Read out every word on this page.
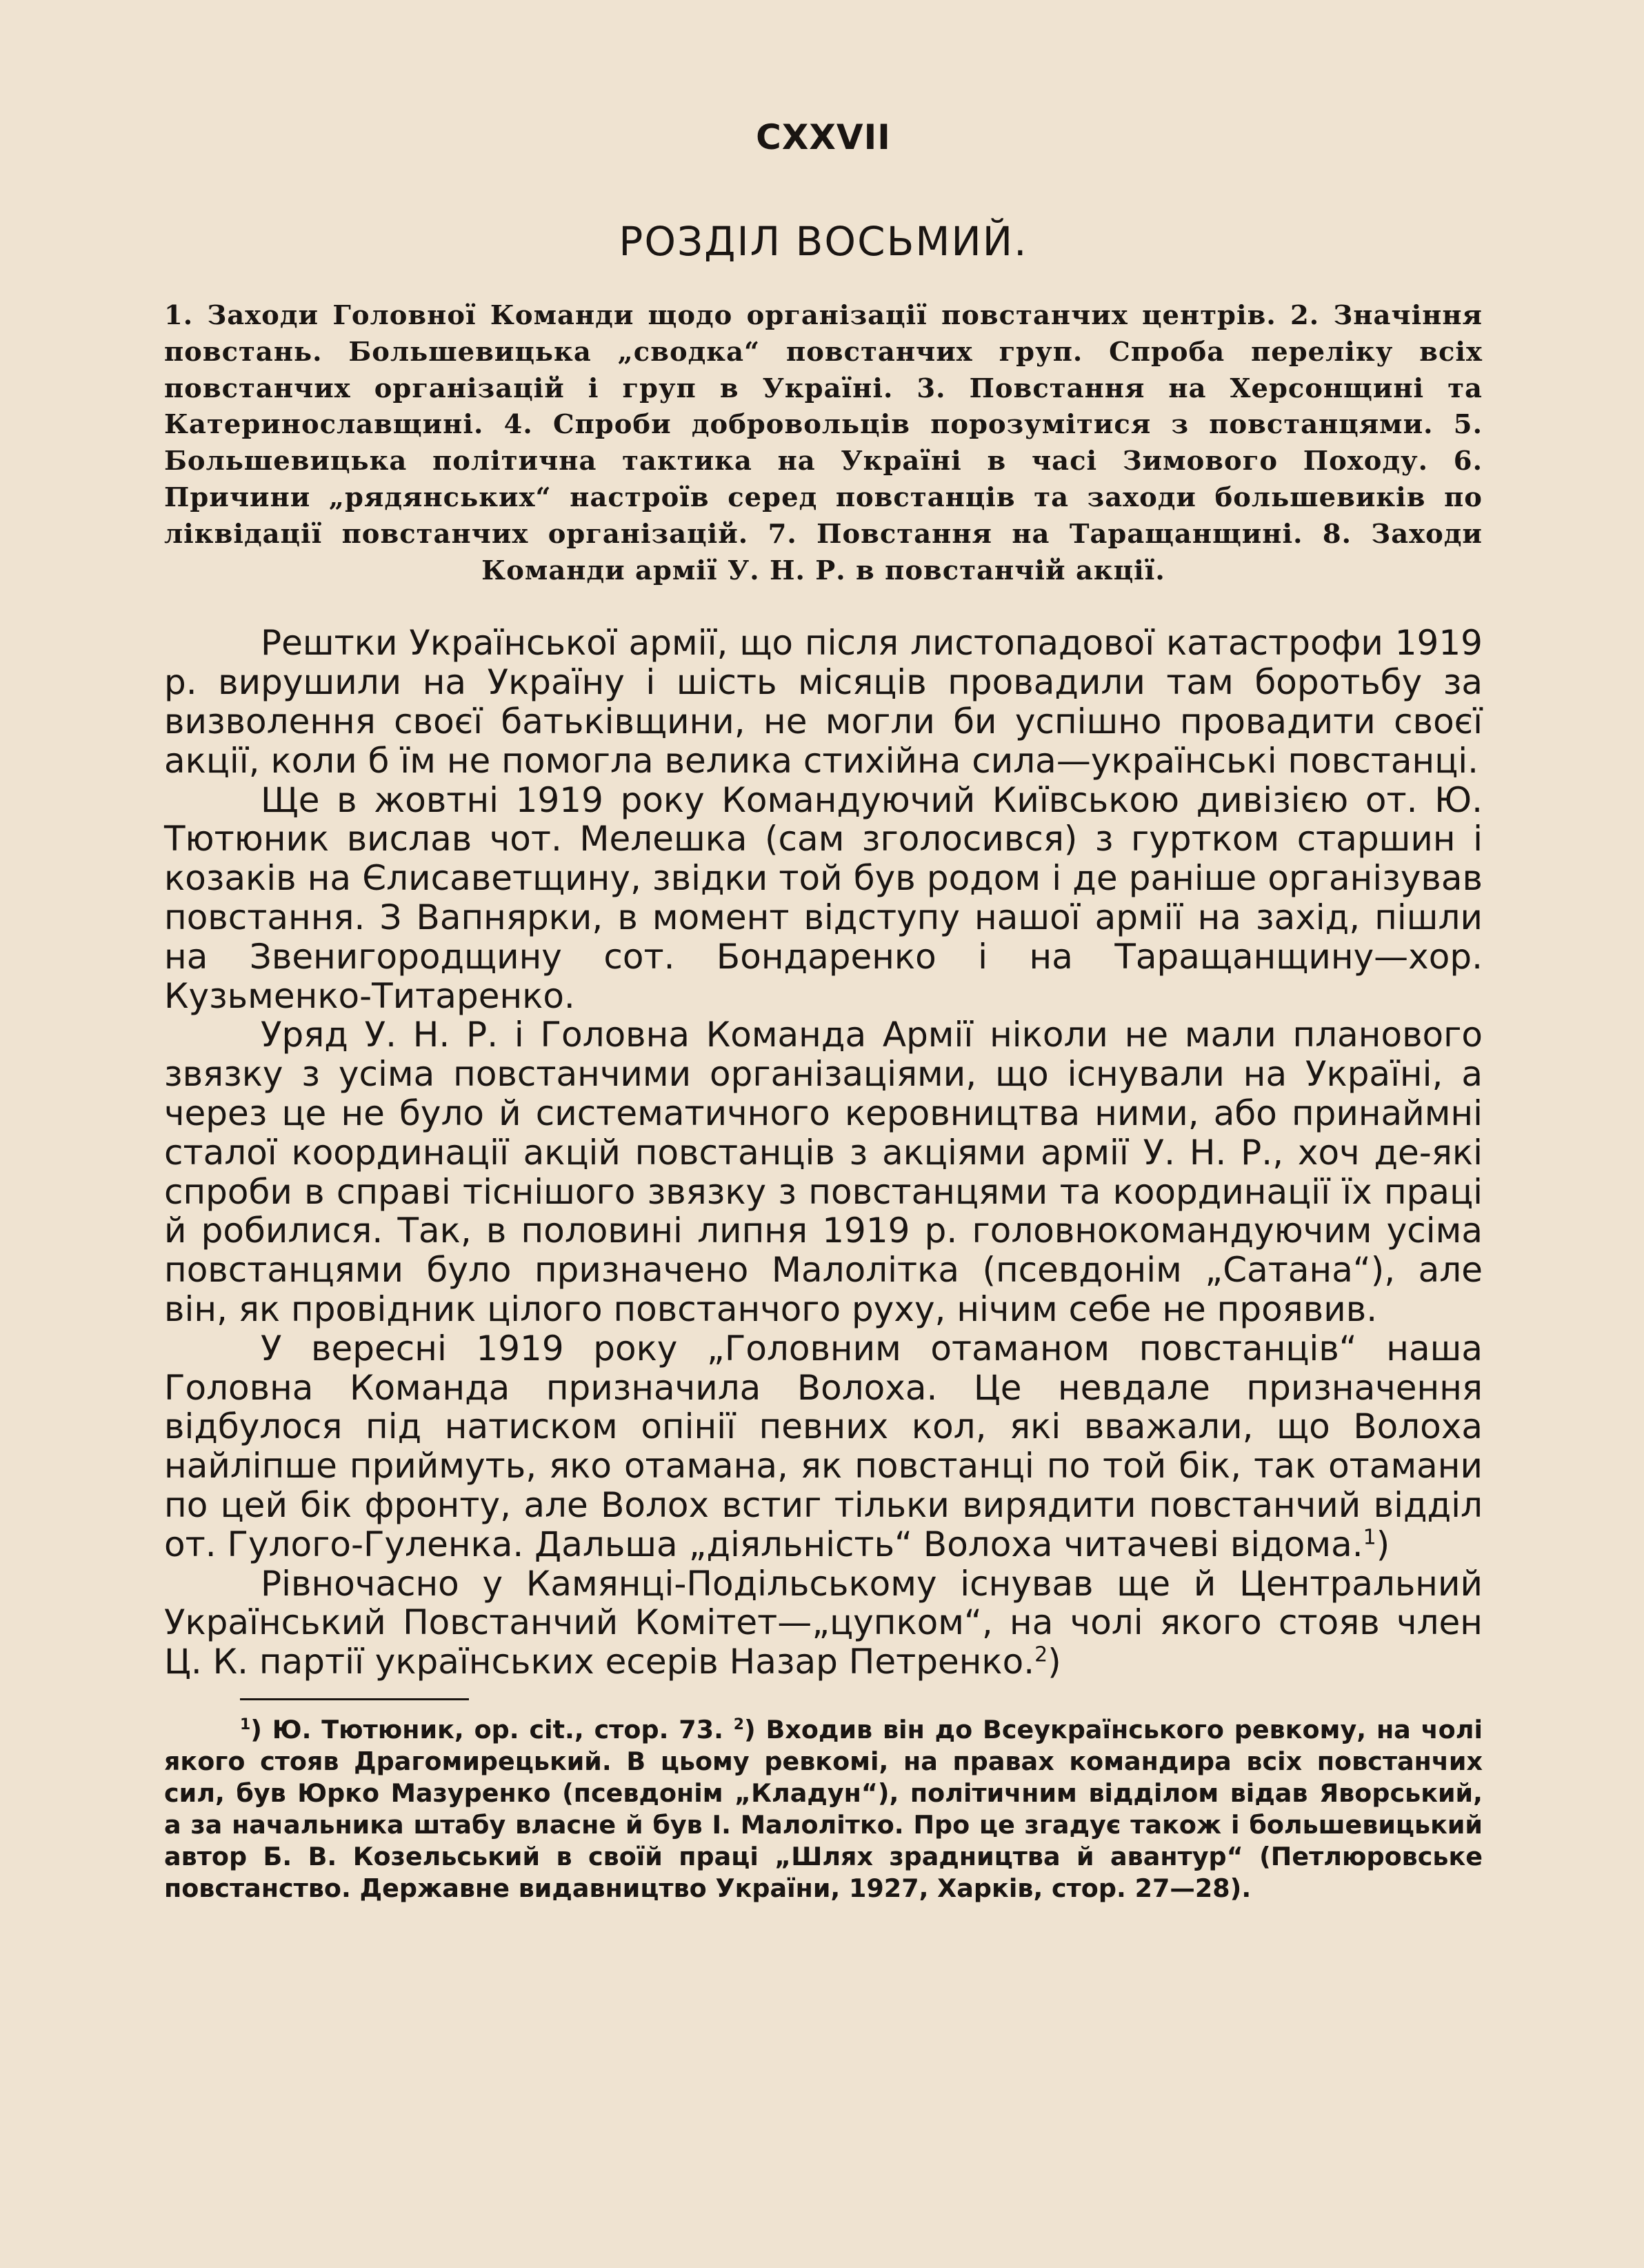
CXXVII
РОЗДІЛ ВОСЬМИЙ.
1. Заходи Головної Команди щодо організації повстанчих центрів. 2. Значіння повстань. Большевицька „сводка“ повстанчих груп. Спроба переліку всіх повстанчих організацій і груп в Україні. 3. Повстання на Херсонщині та Катеринославщині. 4. Спроби добровольців порозумітися з повстанцями. 5. Большевицька політична тактика на Україні в часі Зимового Походу. 6. Причини „рядянських“ настроїв серед повстанців та заходи большевиків по ліквідації повстанчих організацій. 7. Повстання на Таращанщині. 8. Заходи Команди армії У. Н. Р. в повстанчій акції.

Рештки Української армії, що після листопадової катастрофи 1919 р. вирушили на Україну і шість місяців провадили там боротьбу за визволення своєї батьківщини, не могли би успішно провадити своєї акції, коли б їм не помогла велика стихійна сила—українські повстанці.

Ще в жовтні 1919 року Командуючий Київською дивізією от. Ю. Тютюник вислав чот. Мелешка (сам зголосився) з гуртком старшин і козаків на Єлисаветщину, звідки той був родом і де раніше організував повстання. З Вапнярки, в момент відступу нашої армії на захід, пішли на Звенигородщину сот. Бондаренко і на Таращанщину—хор. Кузьменко-Титаренко.

Уряд У. Н. Р. і Головна Команда Армії ніколи не мали планового звязку з усіма повстанчими організаціями, що існували на Україні, а через це не було й систематичного керовництва ними, або принаймні сталої координації акцій повстанців з акціями армії У. Н. Р., хоч де-які спроби в справі тіснішого звязку з повстанцями та координації їх праці й робилися. Так, в половині липня 1919 р. головнокомандуючим усіма повстанцями було призначено Малолітка (псевдонім „Сатана“), але він, як провідник цілого повстанчого руху, нічим себе не проявив.

У вересні 1919 року „Головним отаманом повстанців“ наша Головна Команда призначила Волоха. Це невдале призначення відбулося під натиском опінії певних кол, які вважали, що Волоха найліпше приймуть, яко отамана, як повстанці по той бік, так отамани по цей бік фронту, але Волох встиг тільки вирядити повстанчий відділ от. Гулого-Гуленка. Дальша „діяльність“ Волоха читачеві відома.$^1$)

Рівночасно у Камянці-Подільському існував ще й Центральний Український Повстанчий Комітет—„цупком“, на чолі якого стояв член Ц. К. партії українських есерів Назар Петренко.$^2$)

$^1$) Ю. Тютюник, op. cit., стор. 73. $^2$) Входив він до Всеукраїнського ревкому, на чолі якого стояв Драгомирецький. В цьому ревкомі, на правах командира всіх повстанчих сил, був Юрко Мазуренко (псевдонім „Кладун“), політичним відділом відав Яворський, а за начальника штабу власне й був І. Малолітко. Про це згадує також і большевицький автор Б. В. Козельський в своїй праці „Шлях зрадництва й авантур“ (Петлюровське повстанство. Державне видавництво України, 1927, Харків, стор. 27—28).
